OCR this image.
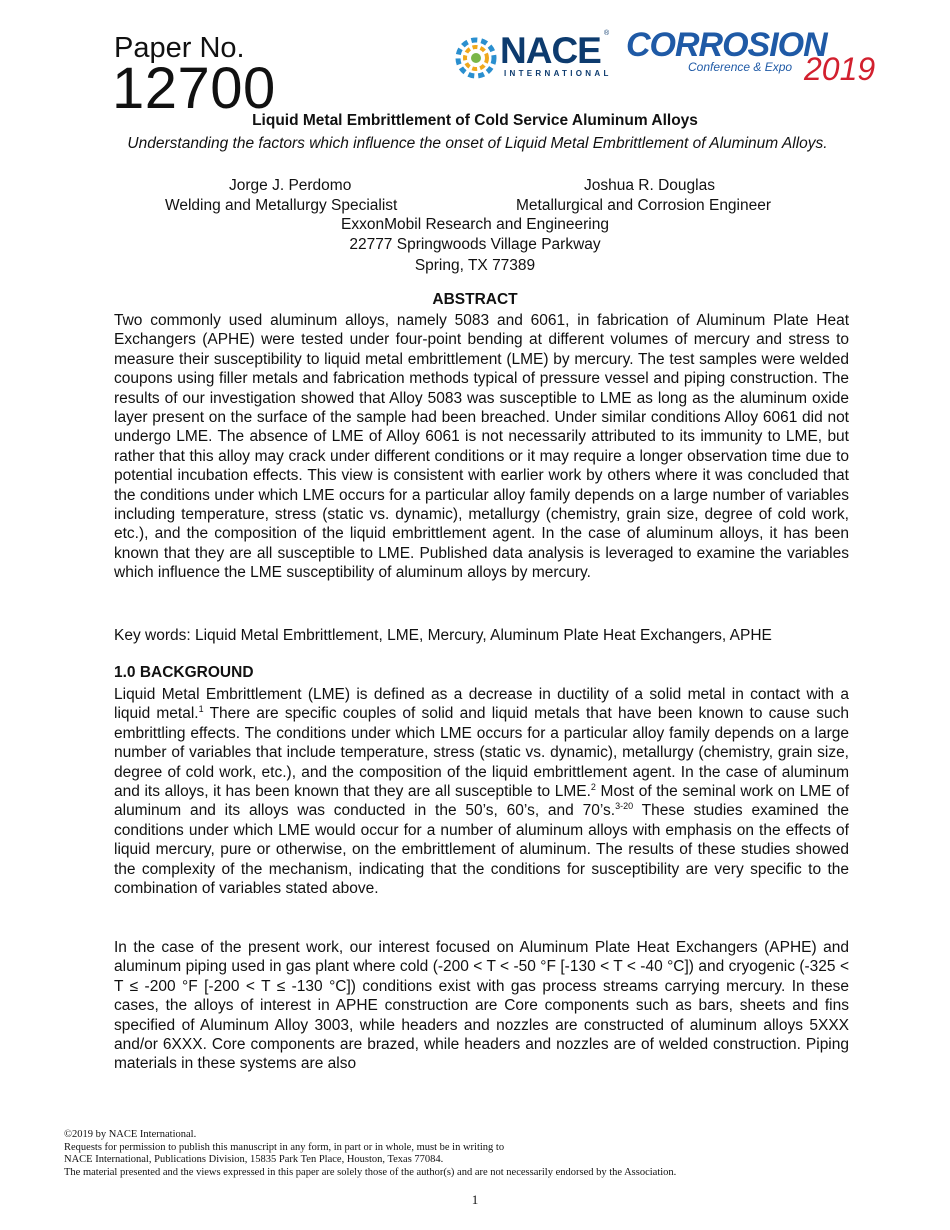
Paper No.
12700
NACE ®
INTERNATIONAL
CORROSION
Conference & Expo 2019
Liquid Metal Embrittlement of Cold Service Aluminum Alloys
Understanding the factors which influence the onset of Liquid Metal Embrittlement of Aluminum Alloys.
Jorge J. Perdomo	Joshua R. Douglas
Welding and Metallurgy Specialist	Metallurgical and Corrosion Engineer
ExxonMobil Research and Engineering
22777 Springwoods Village Parkway
Spring, TX 77389
ABSTRACT

Two commonly used aluminum alloys, namely 5083 and 6061, in fabrication of Aluminum Plate Heat Exchangers (APHE) were tested under four-point bending at different volumes of mercury and stress to measure their susceptibility to liquid metal embrittlement (LME) by mercury. The test samples were welded coupons using filler metals and fabrication methods typical of pressure vessel and piping construction. The results of our investigation showed that Alloy 5083 was susceptible to LME as long as the aluminum oxide layer present on the surface of the sample had been breached. Under similar conditions Alloy 6061 did not undergo LME. The absence of LME of Alloy 6061 is not necessarily attributed to its immunity to LME, but rather that this alloy may crack under different conditions or it may require a longer observation time due to potential incubation effects. This view is consistent with earlier work by others where it was concluded that the conditions under which LME occurs for a particular alloy family depends on a large number of variables including temperature, stress (static vs. dynamic), metallurgy (chemistry, grain size, degree of cold work, etc.), and the composition of the liquid embrittlement agent. In the case of aluminum alloys, it has been known that they are all susceptible to LME. Published data analysis is leveraged to examine the variables which influence the LME susceptibility of aluminum alloys by mercury.

Key words: Liquid Metal Embrittlement, LME, Mercury, Aluminum Plate Heat Exchangers, APHE
1.0 BACKGROUND

Liquid Metal Embrittlement (LME) is defined as a decrease in ductility of a solid metal in contact with a liquid metal.$^1$ There are specific couples of solid and liquid metals that have been known to cause such embrittling effects. The conditions under which LME occurs for a particular alloy family depends on a large number of variables that include temperature, stress (static vs. dynamic), metallurgy (chemistry, grain size, degree of cold work, etc.), and the composition of the liquid embrittlement agent. In the case of aluminum and its alloys, it has been known that they are all susceptible to LME.$^2$ Most of the seminal work on LME of aluminum and its alloys was conducted in the 50’s, 60’s, and 70’s.$^{3-20}$ These studies examined the conditions under which LME would occur for a number of aluminum alloys with emphasis on the effects of liquid mercury, pure or otherwise, on the embrittlement of aluminum. The results of these studies showed the complexity of the mechanism, indicating that the conditions for susceptibility are very specific to the combination of variables stated above.

In the case of the present work, our interest focused on Aluminum Plate Heat Exchangers (APHE) and aluminum piping used in gas plant where cold (-200 < T < -50 °F [-130 < T < -40 °C]) and cryogenic (-325 < T ≤ -200 °F [-200 < T ≤ -130 °C]) conditions exist with gas process streams carrying mercury. In these cases, the alloys of interest in APHE construction are Core components such as bars, sheets and fins specified of Aluminum Alloy 3003, while headers and nozzles are constructed of aluminum alloys 5XXX and/or 6XXX. Core components are brazed, while headers and nozzles are of welded construction. Piping materials in these systems are also

©2019 by NACE International.
Requests for permission to publish this manuscript in any form, in part or in whole, must be in writing to
NACE International, Publications Division, 15835 Park Ten Place, Houston, Texas 77084.
The material presented and the views expressed in this paper are solely those of the author(s) and are not necessarily endorsed by the Association.
1
